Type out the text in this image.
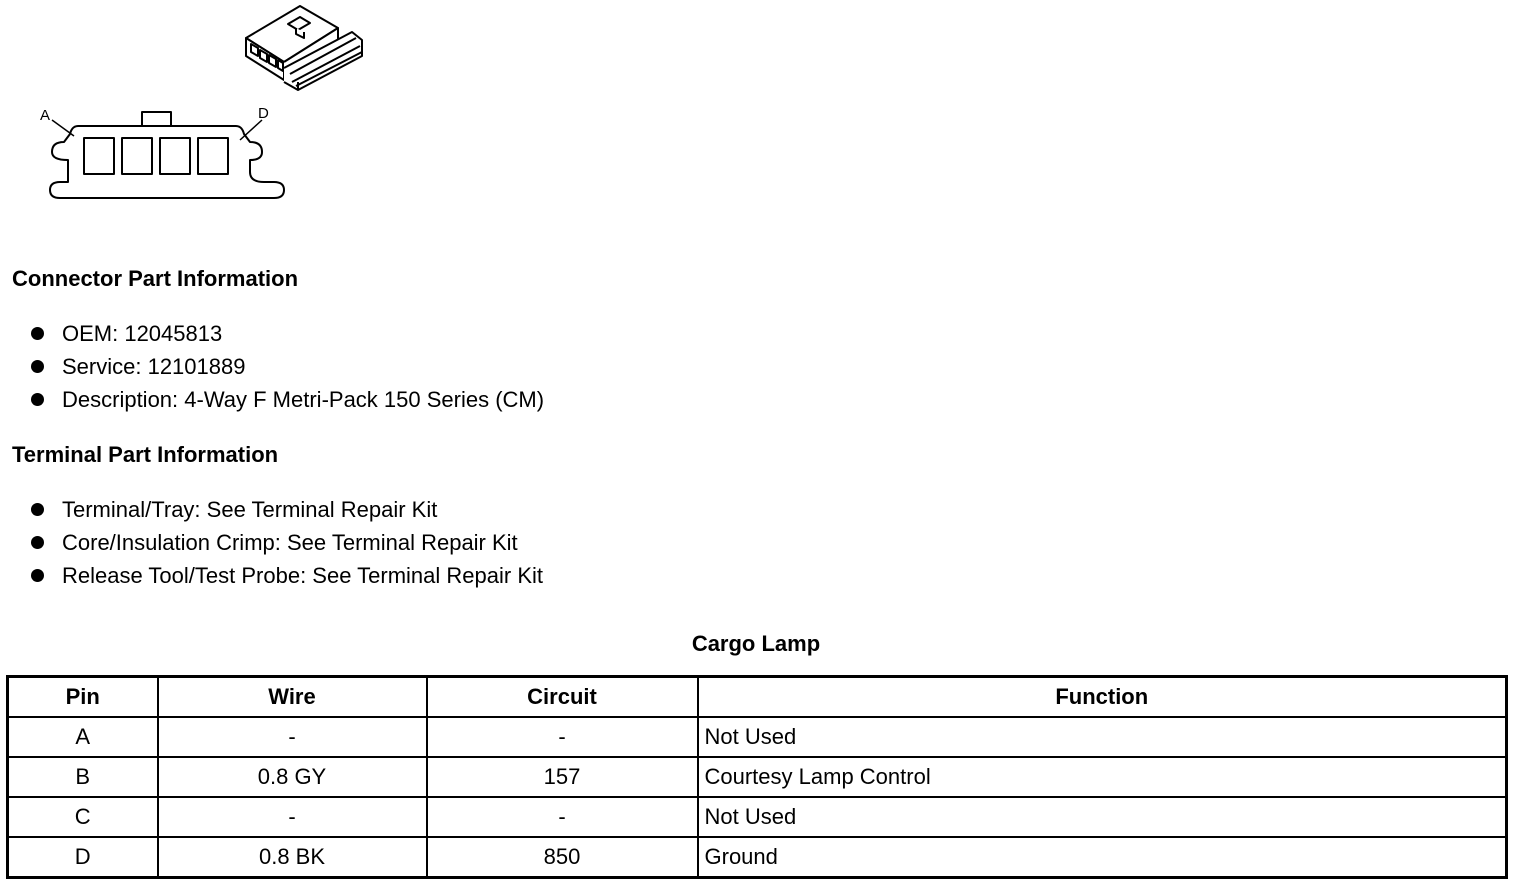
A	D
Connector Part Information
OEM: 12045813
Service: 12101889
Description: 4-Way F Metri-Pack 150 Series (CM)
Terminal Part Information
Terminal/Tray: See Terminal Repair Kit
Core/Insulation Crimp: See Terminal Repair Kit
Release Tool/Test Probe: See Terminal Repair Kit
Cargo Lamp
Pin	Wire	Circuit	Function
A	-	-	Not Used
B	0.8 GY	157	Courtesy Lamp Control
C	-	-	Not Used
D	0.8 BK	850	Ground
